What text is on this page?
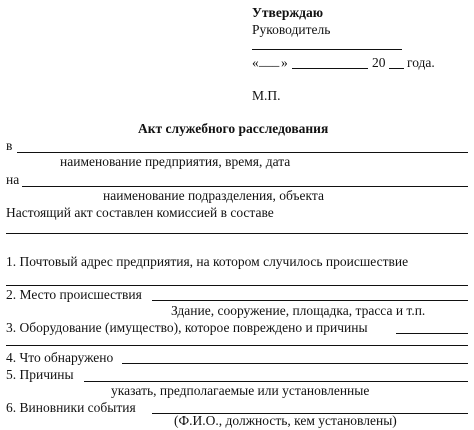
Утверждаю
Руководитель
« ___ »	20 года.
М.П.
Акт служебного расследования
в
наименование предприятия, время, дата
на
наименование подразделения, объекта
Настоящий акт составлен комиссией в составе
1. Почтовый адрес предприятия, на котором случилось происшествие
2. Место происшествия
Здание, сооружение, площадка, трасса и т.п.
3. Оборудование (имущество), которое повреждено и причины
4. Что обнаружено
5. Причины
указать, предполагаемые или установленные
6. Виновники события
(Ф.И.О., должность, кем установлены)
